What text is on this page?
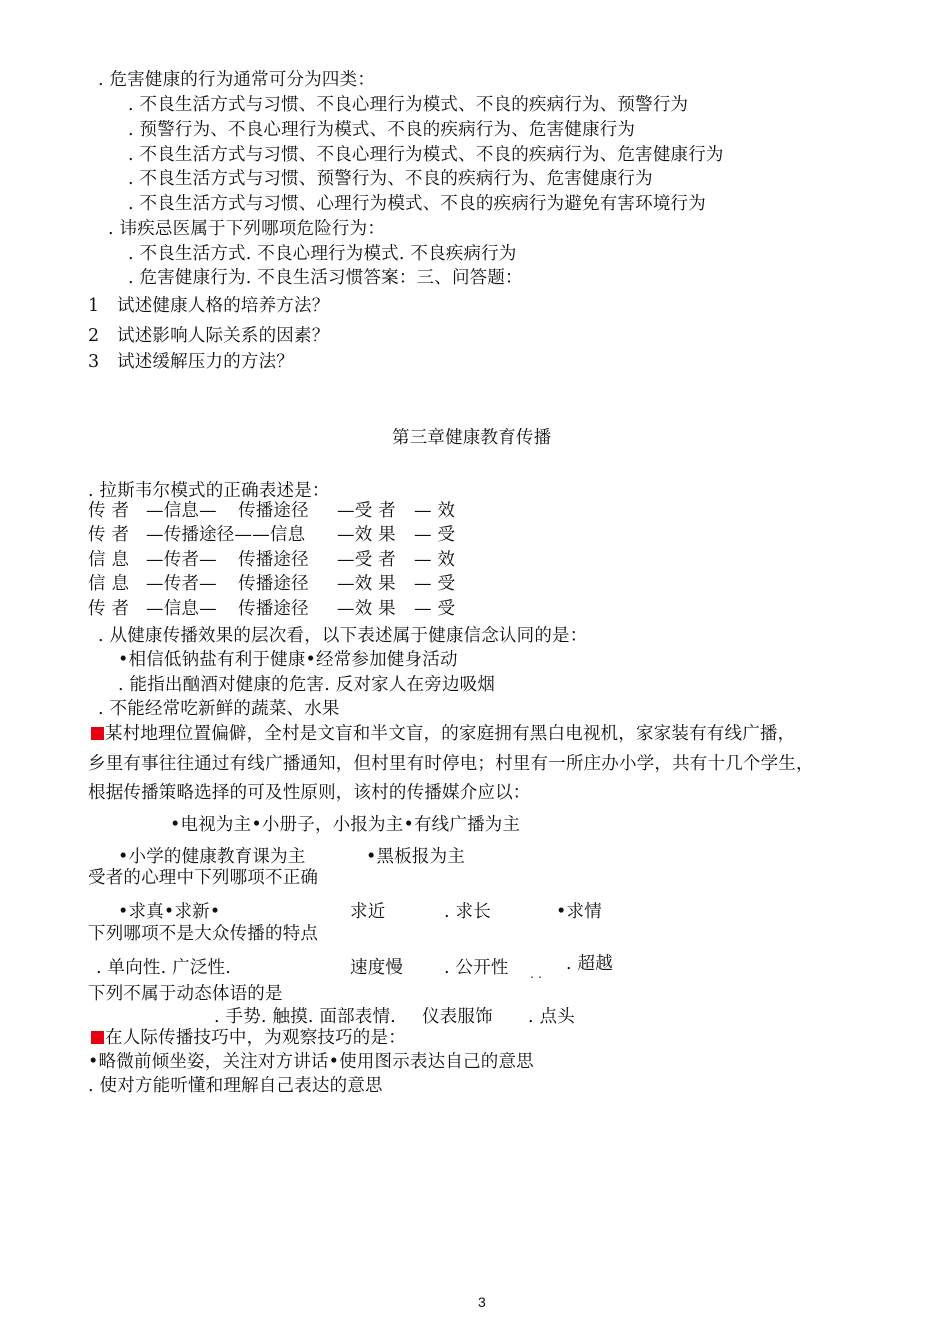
. 危害健康的行为通常可分为四类：
. 不良生活方式与习惯、不良心理行为模式、不良的疾病行为、预警行为
. 预警行为、不良心理行为模式、不良的疾病行为、危害健康行为
. 不良生活方式与习惯、不良心理行为模式、不良的疾病行为、危害健康行为
. 不良生活方式与习惯、预警行为、不良的疾病行为、危害健康行为
. 不良生活方式与习惯、心理行为模式、不良的疾病行为避免有害环境行为
. 讳疾忌医属于下列哪项危险行为：
. 不良生活方式. 不良心理行为模式. 不良疾病行为
. 危害健康行为. 不良生活习惯答案：三、问答题：
1 试述健康人格的培养方法？
2 试述影响人际关系的因素？
3 试述缓解压力的方法？
第三章健康教育传播
. 拉斯韦尔模式的正确表述是：
传 者 —信息— 传播途径 —受 者 — 效
传 者 —传播途径——信息 —效 果 — 受
信 息 —传者— 传播途径 —受 者 — 效
信 息 —传者— 传播途径 —效 果 — 受
传 者 —信息— 传播途径 —效 果 — 受
. 从健康传播效果的层次看，以下表述属于健康信念认同的是：
•相信低钠盐有利于健康•经常参加健身活动
. 能指出酗酒对健康的危害. 反对家人在旁边吸烟
. 不能经常吃新鲜的蔬菜、水果
某村地理位置偏僻，全村是文盲和半文盲，的家庭拥有黑白电视机，家家装有有线广播，
乡里有事往往通过有线广播通知，但村里有时停电；村里有一所庄办小学，共有十几个学生，
根据传播策略选择的可及性原则，该村的传播媒介应以：
•电视为主•小册子，小报为主•有线广播为主
•小学的健康教育课为主	•黑板报为主
受者的心理中下列哪项不正确
•求真•求新•	求近	. 求长	•求情
下列哪项不是大众传播的特点
. 单向性. 广泛性.	速度慢 . 公开性 . . . 超越
下列不属于动态体语的是
. 手势. 触摸. 面部表情. 仪表服饰 . 点头
在人际传播技巧中，为观察技巧的是：
•略微前倾坐姿，关注对方讲话•使用图示表达自己的意思
. 使对方能听懂和理解自己表达的意思
3
